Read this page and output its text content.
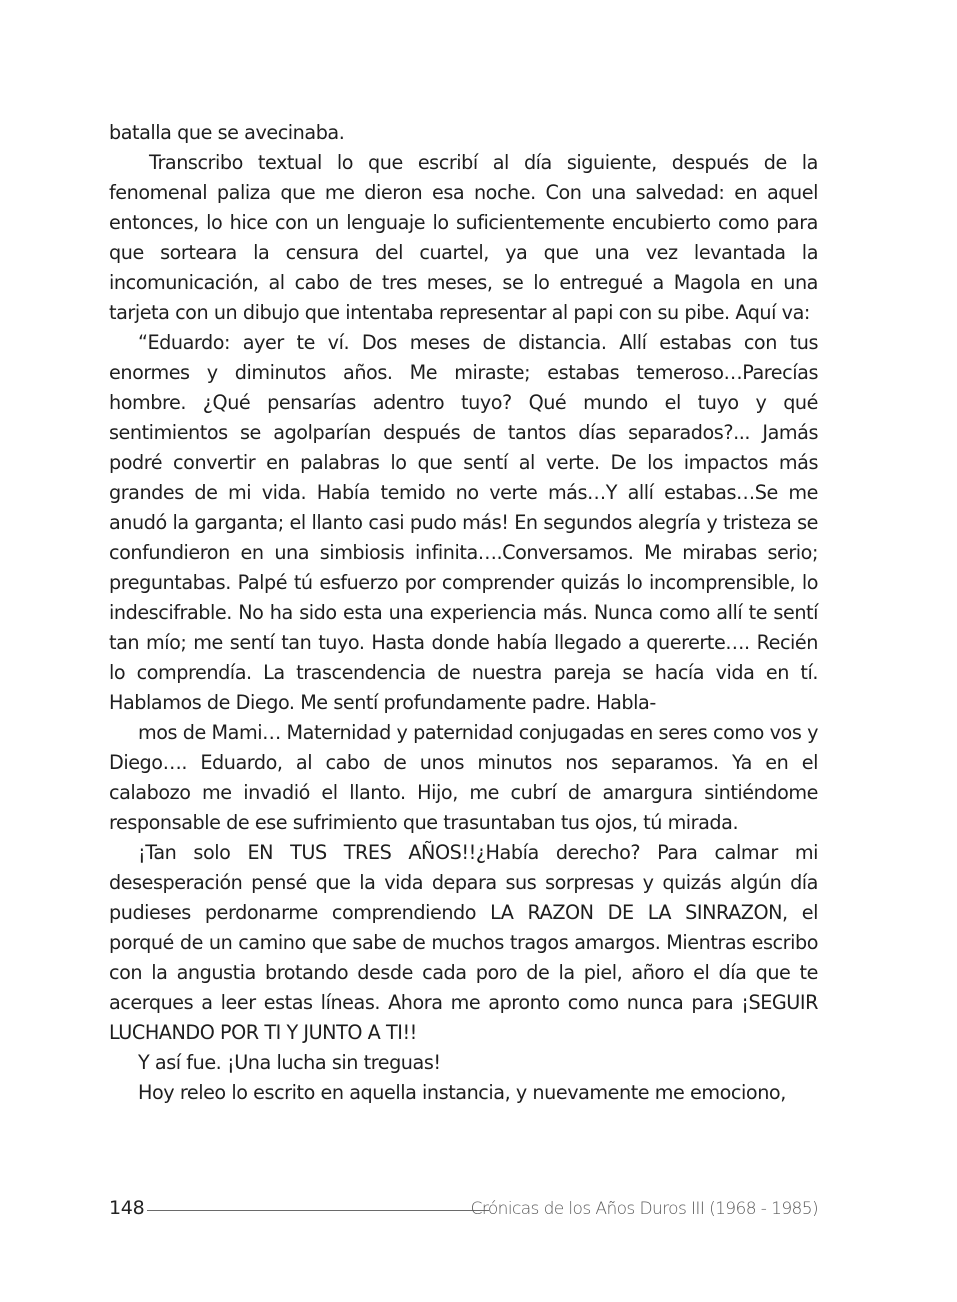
batalla que se avecinaba.

Transcribo textual lo que escribí al día siguiente, después de la fenomenal paliza que me dieron esa noche. Con una salvedad: en aquel entonces, lo hice con un lenguaje lo suficientemente encubierto como para que sorteara la censura del cuartel, ya que una vez levantada la incomunicación, al cabo de tres meses, se lo entregué a Magola en una tarjeta con un dibujo que intentaba representar al papi con su pibe. Aquí va:

“Eduardo: ayer te ví. Dos meses de distancia. Allí estabas con tus enormes y diminutos años. Me miraste; estabas temeroso…Parecías hombre. ¿Qué pensarías adentro tuyo? Qué mundo el tuyo y qué sentimientos se agolparían después de tantos días separados?... Jamás podré convertir en palabras lo que sentí al verte. De los impactos más grandes de mi vida. Había temido no verte más…Y allí estabas…Se me anudó la garganta; el llanto casi pudo más! En segundos alegría y tristeza se confundieron en una simbiosis infinita….Conversamos. Me mirabas serio; preguntabas. Palpé tú esfuerzo por comprender quizás lo incomprensible, lo indescifrable. No ha sido esta una experiencia más. Nunca como allí te sentí tan mío; me sentí tan tuyo. Hasta donde había llegado a quererte…. Recién lo comprendía. La trascendencia de nuestra pareja se hacía vida en tí. Hablamos de Diego. Me sentí profundamente padre. Habla-

mos de Mami… Maternidad y paternidad conjugadas en seres como vos y Diego…. Eduardo, al cabo de unos minutos nos separamos. Ya en el calabozo me invadió el llanto. Hijo, me cubrí de amargura sintiéndome responsable de ese sufrimiento que trasuntaban tus ojos, tú mirada.

¡Tan solo EN TUS TRES AÑOS!!¿Había derecho? Para calmar mi desesperación pensé que la vida depara sus sorpresas y quizás algún día pudieses perdonarme comprendiendo LA RAZON DE LA SINRAZON, el porqué de un camino que sabe de muchos tragos amargos. Mientras escribo con la angustia brotando desde cada poro de la piel, añoro el día que te acerques a leer estas líneas. Ahora me apronto como nunca para ¡SEGUIR LUCHANDO POR TI Y JUNTO A TI!!

Y así fue. ¡Una lucha sin treguas!

Hoy releo lo escrito en aquella instancia, y nuevamente me emociono,

148	Crónicas de los Años Duros III (1968 - 1985)
